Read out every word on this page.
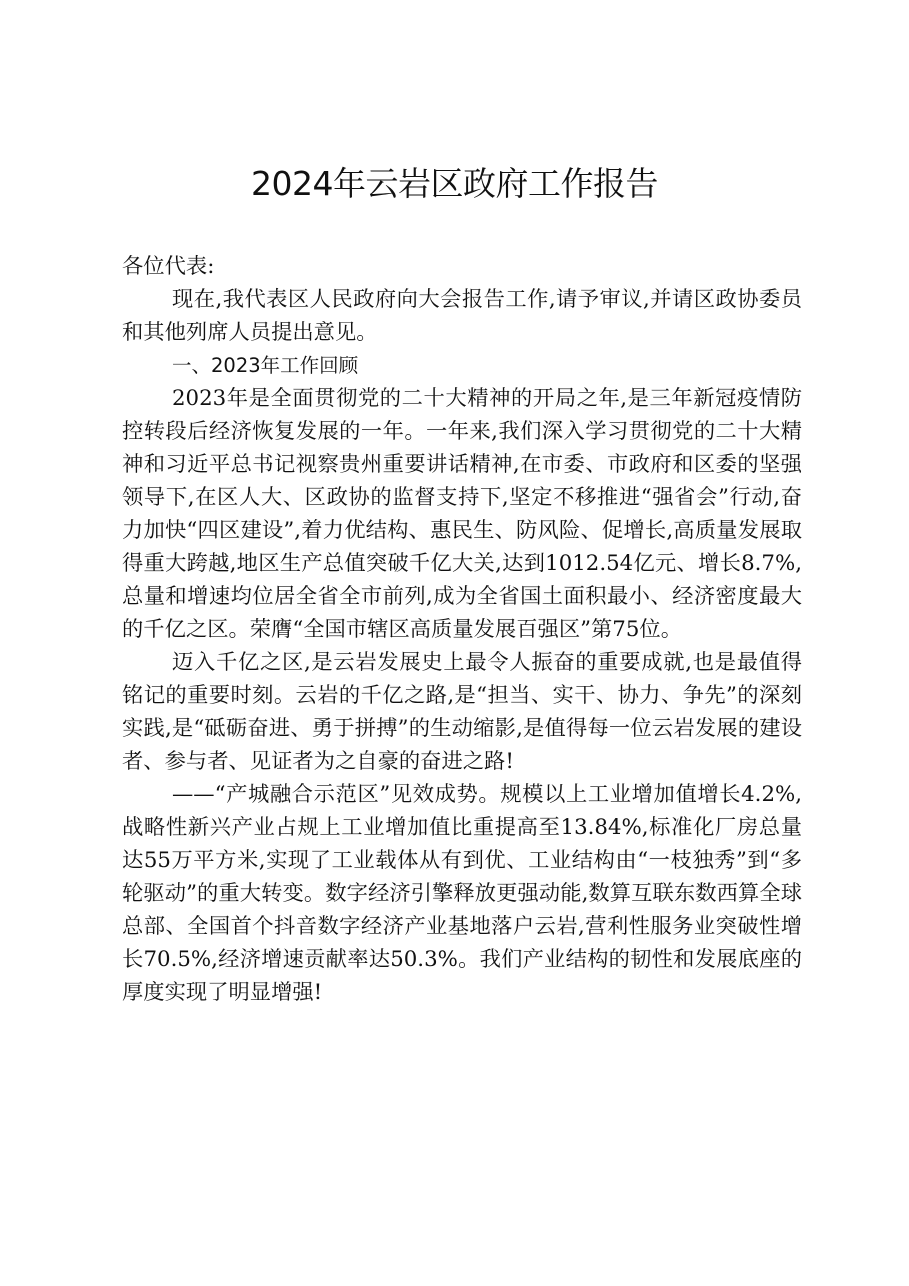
2024年云岩区政府工作报告

各位代表:

现在,我代表区人民政府向大会报告工作,请予审议,并请区政协委员和其他列席人员提出意见。

一、2023年工作回顾

2023年是全面贯彻党的二十大精神的开局之年,是三年新冠疫情防控转段后经济恢复发展的一年。一年来,我们深入学习贯彻党的二十大精神和习近平总书记视察贵州重要讲话精神,在市委、市政府和区委的坚强领导下,在区人大、区政协的监督支持下,坚定不移推进“强省会”行动,奋力加快“四区建设”,着力优结构、惠民生、防风险、促增长,高质量发展取得重大跨越,地区生产总值突破千亿大关,达到1012.54亿元、增长8.7%,总量和增速均位居全省全市前列,成为全省国土面积最小、经济密度最大的千亿之区。荣膺“全国市辖区高质量发展百强区”第75位。

迈入千亿之区,是云岩发展史上最令人振奋的重要成就,也是最值得铭记的重要时刻。云岩的千亿之路,是“担当、实干、协力、争先”的深刻实践,是“砥砺奋进、勇于拼搏”的生动缩影,是值得每一位云岩发展的建设者、参与者、见证者为之自豪的奋进之路!

——“产城融合示范区”见效成势。规模以上工业增加值增长4.2%,战略性新兴产业占规上工业增加值比重提高至13.84%,标准化厂房总量达55万平方米,实现了工业载体从有到优、工业结构由“一枝独秀”到“多轮驱动”的重大转变。数字经济引擎释放更强动能,数算互联东数西算全球总部、全国首个抖音数字经济产业基地落户云岩,营利性服务业突破性增长70.5%,经济增速贡献率达50.3%。我们产业结构的韧性和发展底座的厚度实现了明显增强!
